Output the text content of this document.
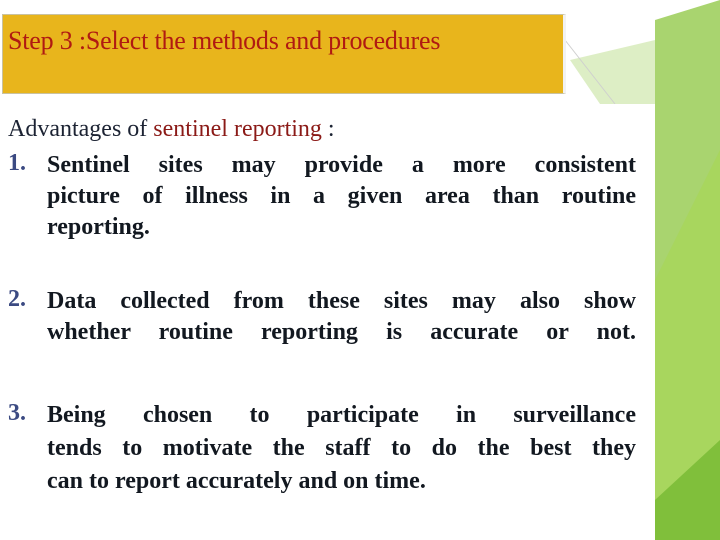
Step 3 :Select the methods and procedures
Advantages of sentinel reporting :
1. Sentinel sites may provide a more consistent
picture of illness in a given area than routine
reporting.
2. Data collected from these sites may also show
whether routine reporting is accurate or not.
3. Being chosen to participate in surveillance
tends to motivate the staff to do the best they
can to report accurately and on time.
